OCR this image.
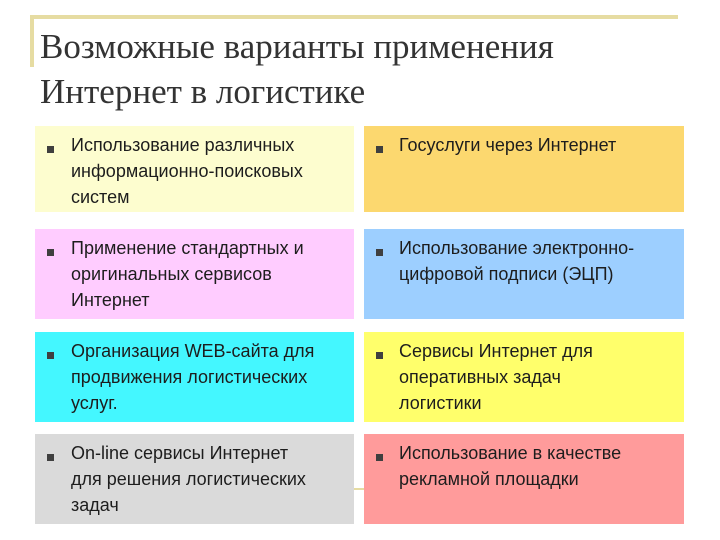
Возможные варианты применения
Интернет в логистике
Использование различных
информационно-поисковых
систем
Применение стандартных и
оригинальных сервисов
Интернет
Организация WEB-сайта для
продвижения логистических
услуг.
On-line сервисы Интернет
для решения логистических
задач
Госуслуги через Интернет
Использование электронно-
цифровой подписи (ЭЦП)
Сервисы Интернет для
оперативных задач
логистики
Использование в качестве
рекламной площадки
